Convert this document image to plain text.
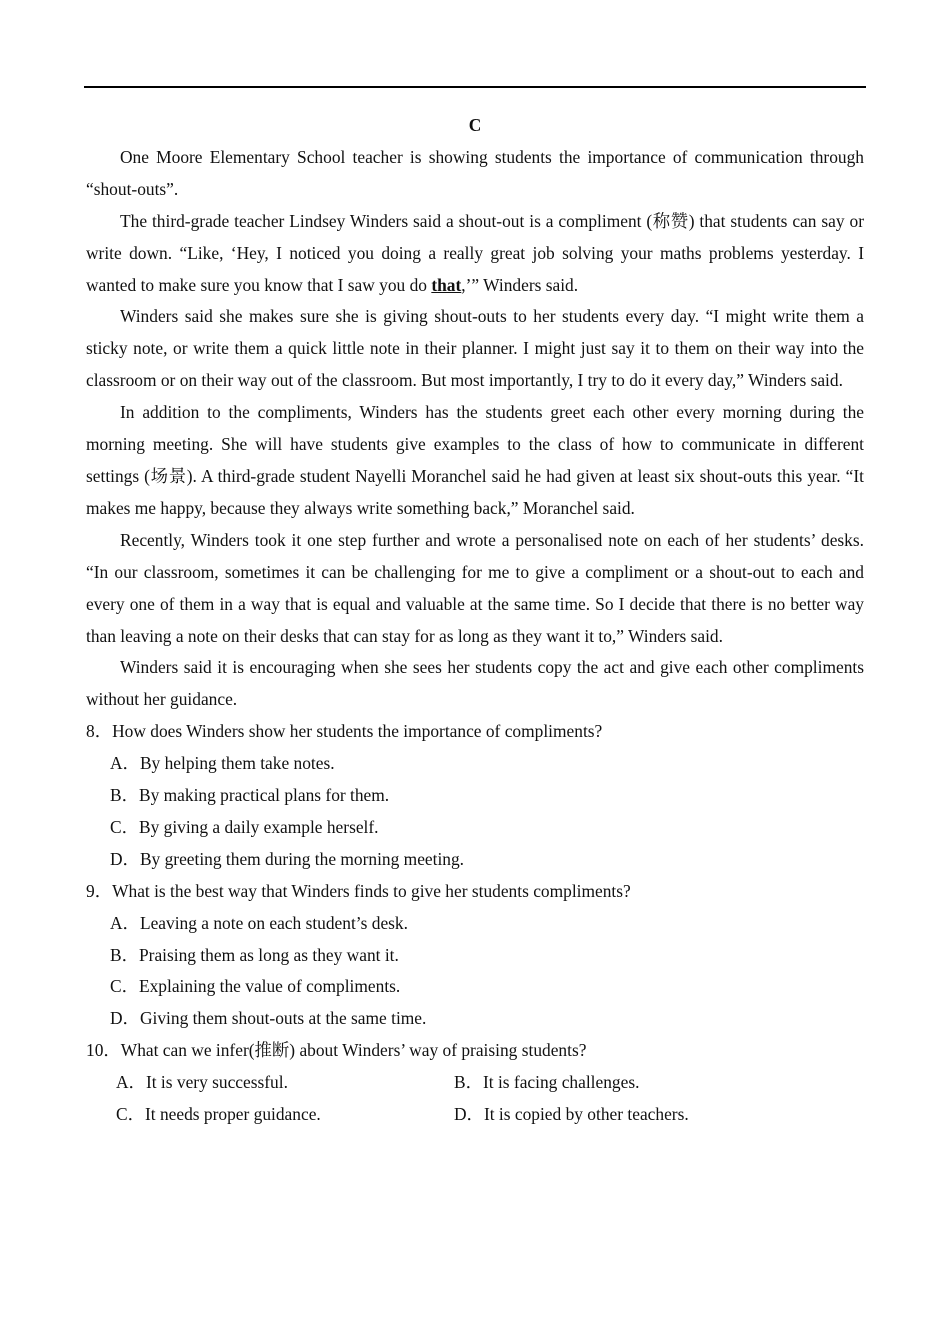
C

One Moore Elementary School teacher is showing students the importance of communication through “shout-outs”.

The third-grade teacher Lindsey Winders said a shout-out is a compliment (称赞) that students can say or write down. “Like, ‘Hey, I noticed you doing a really great job solving your maths problems yesterday. I wanted to make sure you know that I saw you do that,’” Winders said.

Winders said she makes sure she is giving shout-outs to her students every day. “I might write them a sticky note, or write them a quick little note in their planner. I might just say it to them on their way into the classroom or on their way out of the classroom. But most importantly, I try to do it every day,” Winders said.

In addition to the compliments, Winders has the students greet each other every morning during the morning meeting. She will have students give examples to the class of how to communicate in different settings (场景). A third-grade student Nayelli Moranchel said he had given at least six shout-outs this year. “It makes me happy, because they always write something back,” Moranchel said.

Recently, Winders took it one step further and wrote a personalised note on each of her students’ desks. “In our classroom, sometimes it can be challenging for me to give a compliment or a shout-out to each and every one of them in a way that is equal and valuable at the same time. So I decide that there is no better way than leaving a note on their desks that can stay for as long as they want it to,” Winders said.

Winders said it is encouraging when she sees her students copy the act and give each other compliments without her guidance.

8．How does Winders show her students the importance of compliments?

A．By helping them take notes.

B．By making practical plans for them.

C．By giving a daily example herself.

D．By greeting them during the morning meeting.

9．What is the best way that Winders finds to give her students compliments?

A．Leaving a note on each student’s desk.

B．Praising them as long as they want it.

C．Explaining the value of compliments.

D．Giving them shout-outs at the same time.

10．What can we infer(推断) about Winders’ way of praising students?

A．It is very successful.	B．It is facing challenges.
C．It needs proper guidance.	D．It is copied by other teachers.
